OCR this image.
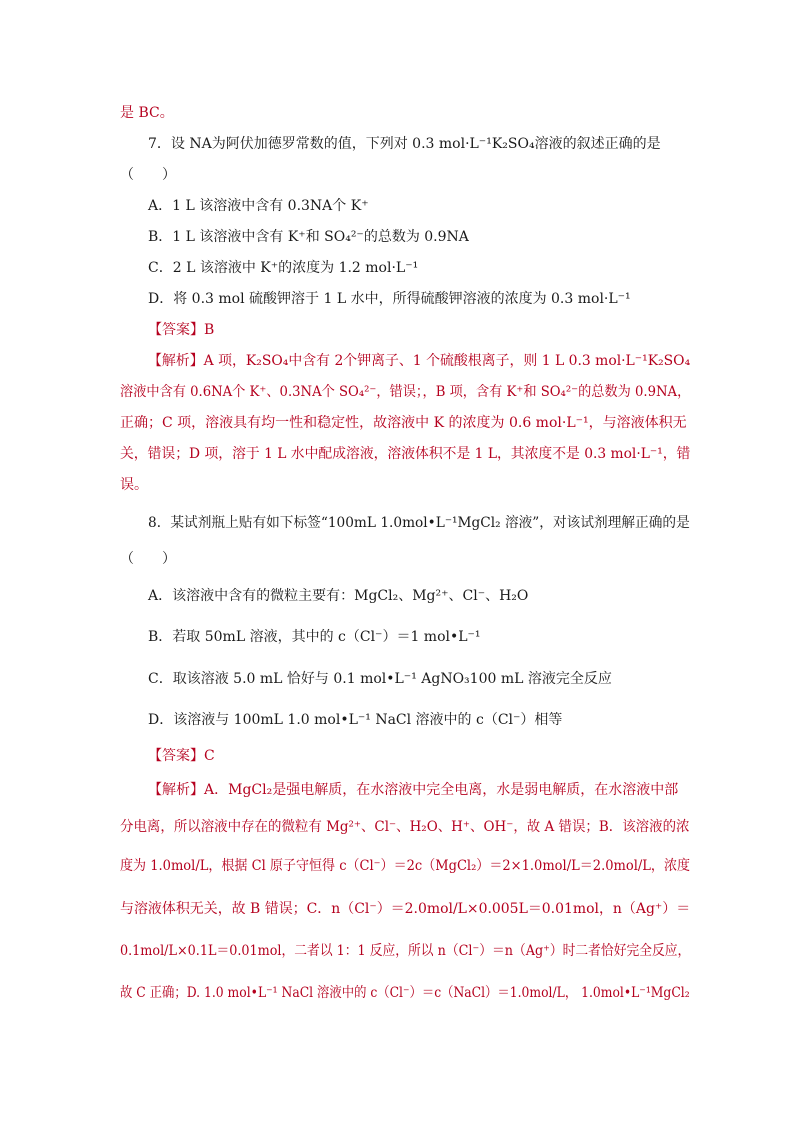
是 BC。
7．设 NA为阿伏加德罗常数的值，下列对 0.3 mol·L⁻¹K₂SO₄溶液的叙述正确的是
（　　）
A．1 L 该溶液中含有 0.3NA个 K⁺
B．1 L 该溶液中含有 K⁺和 SO₄²⁻的总数为 0.9NA
C．2 L 该溶液中 K⁺的浓度为 1.2 mol·L⁻¹
D．将 0.3 mol 硫酸钾溶于 1 L 水中，所得硫酸钾溶液的浓度为 0.3 mol·L⁻¹
【答案】B
【解析】A 项，K₂SO₄中含有 2个钾离子、1 个硫酸根离子，则 1 L 0.3 mol·L⁻¹K₂SO₄
溶液中含有 0.6NA个 K⁺、0.3NA个 SO₄²⁻，错误；，B 项，含有 K⁺和 SO₄²⁻的总数为 0.9NA，
正确；C 项，溶液具有均一性和稳定性，故溶液中 K 的浓度为 0.6 mol·L⁻¹，与溶液体积无
关，错误；D 项，溶于 1 L 水中配成溶液，溶液体积不是 1 L，其浓度不是 0.3 mol·L⁻¹，错
误。
8．某试剂瓶上贴有如下标签“100mL 1.0mol•L⁻¹MgCl₂ 溶液”，对该试剂理解正确的是
（　　）
A．该溶液中含有的微粒主要有：MgCl₂、Mg²⁺、Cl⁻、H₂O
B．若取 50mL 溶液，其中的 c（Cl⁻）＝1 mol•L⁻¹
C．取该溶液 5.0 mL 恰好与 0.1 mol•L⁻¹ AgNO₃100 mL 溶液完全反应
D．该溶液与 100mL 1.0 mol•L⁻¹ NaCl 溶液中的 c（Cl⁻）相等
【答案】C
【解析】A．MgCl₂是强电解质，在水溶液中完全电离，水是弱电解质，在水溶液中部
分电离，所以溶液中存在的微粒有 Mg²⁺、Cl⁻、H₂O、H⁺、OH⁻，故 A 错误；B．该溶液的浓
度为 1.0mol/L，根据 Cl 原子守恒得 c（Cl⁻）＝2c（MgCl₂）＝2×1.0mol/L＝2.0mol/L，浓度
与溶液体积无关，故 B 错误；C．n（Cl⁻）＝2.0mol/L×0.005L＝0.01mol，n（Ag⁺）＝
0.1mol/L×0.1L＝0.01mol，二者以 1：1 反应，所以 n（Cl⁻）＝n（Ag⁺）时二者恰好完全反应，
故 C 正确；D. 1.0 mol•L⁻¹ NaCl 溶液中的 c（Cl⁻）＝c（NaCl）＝1.0mol/L， 1.0mol•L⁻¹MgCl₂
